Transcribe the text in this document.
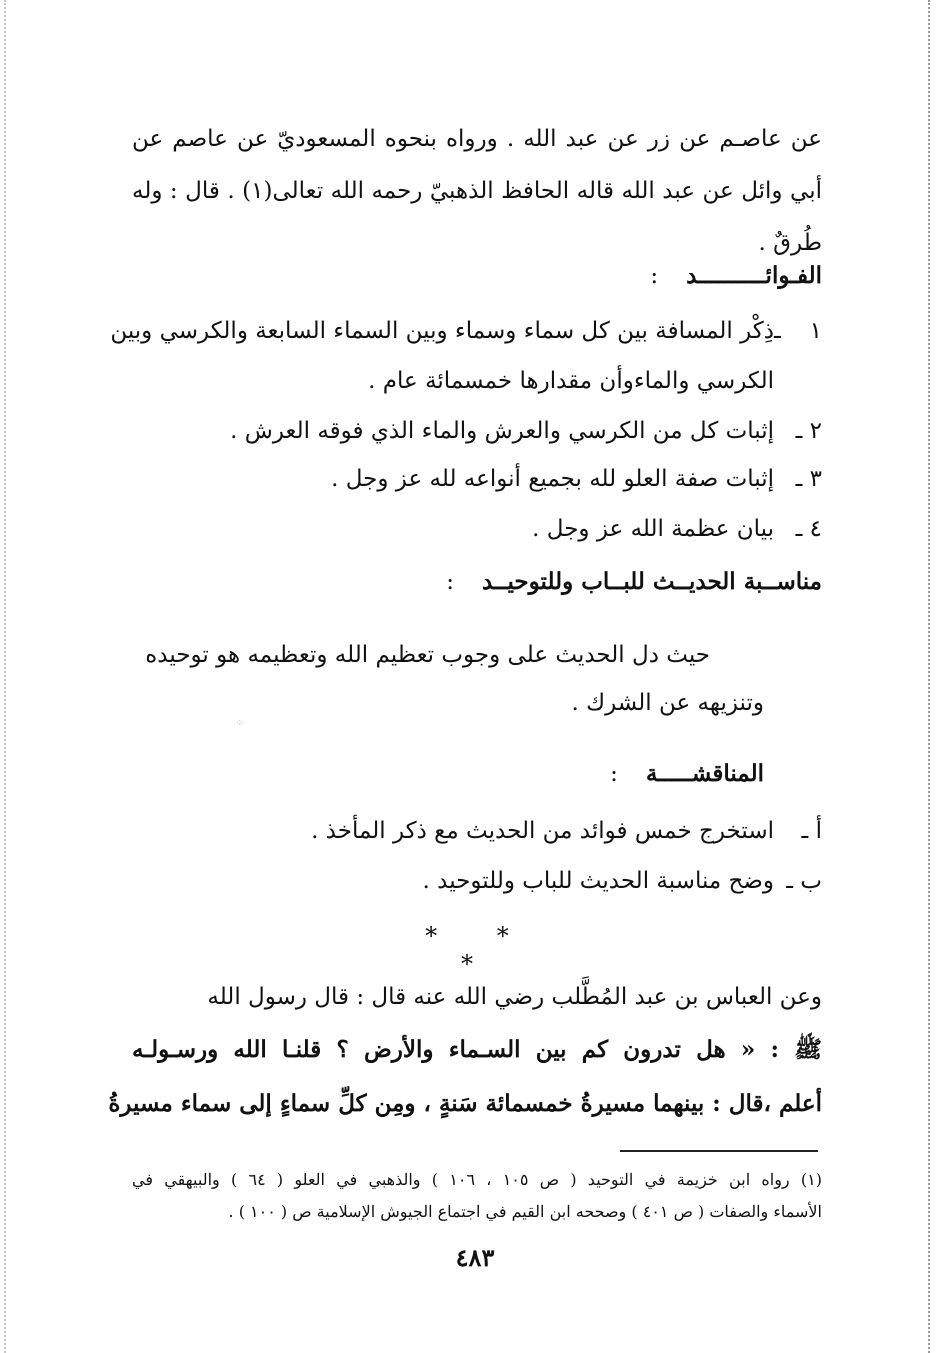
عن عاصـم عن زر عن عبد الله . ورواه بنحوه المسعوديّ عن عاصم عن
أبي وائل عن عبد الله قاله الحافظ الذهبيّ رحمه الله تعالى(١) . قال : وله
طُرقٌ .
الفـوائــــــــــد:
١ ـذِكْر المسافة بين كل سماء وسماء وبين السماء السابعة والكرسي وبين
الكرسي والماءوأن مقدارها خمسمائة عام .
٢ ـإثبات كل من الكرسي والعرش والماء الذي فوقه العرش .
٣ ـإثبات صفة العلو لله بجميع أنواعه لله عز وجل .
٤ ـبيان عظمة الله عز وجل .
مناســبة الحديــث للبــاب وللتوحيــد:
حيث دل الحديث على وجوب تعظيم الله وتعظيمه هو توحيده
وتنزيهه عن الشرك .
⁘
المناقشـــــة:
أ ـاستخرج خمس فوائد من الحديث مع ذكر المأخذ .
ب ـوضح مناسبة الحديث للباب وللتوحيد .
* * *
وعن العباس بن عبد المُطَّلب رضي الله عنه قال : قال رسول الله
ﷺ : « هل تدرون كم بين السـماء والأرض ؟ قلنـا الله ورسـولـه
أعلم ،قال : بينهما مسيرةُ خمسمائة سَنةٍ ، ومِن كلِّ سماءٍ إلى سماء مسيرةُ
(١) رواه ابن خزيمة في التوحيد ( ص ١٠٥ ، ١٠٦ ) والذهبي في العلو ( ٦٤ ) والبيهقي في
الأسماء والصفات ( ص ٤٠١ ) وصححه ابن القيم في اجتماع الجيوش الإسلامية ص ( ١٠٠ ) .
٤٨٣
